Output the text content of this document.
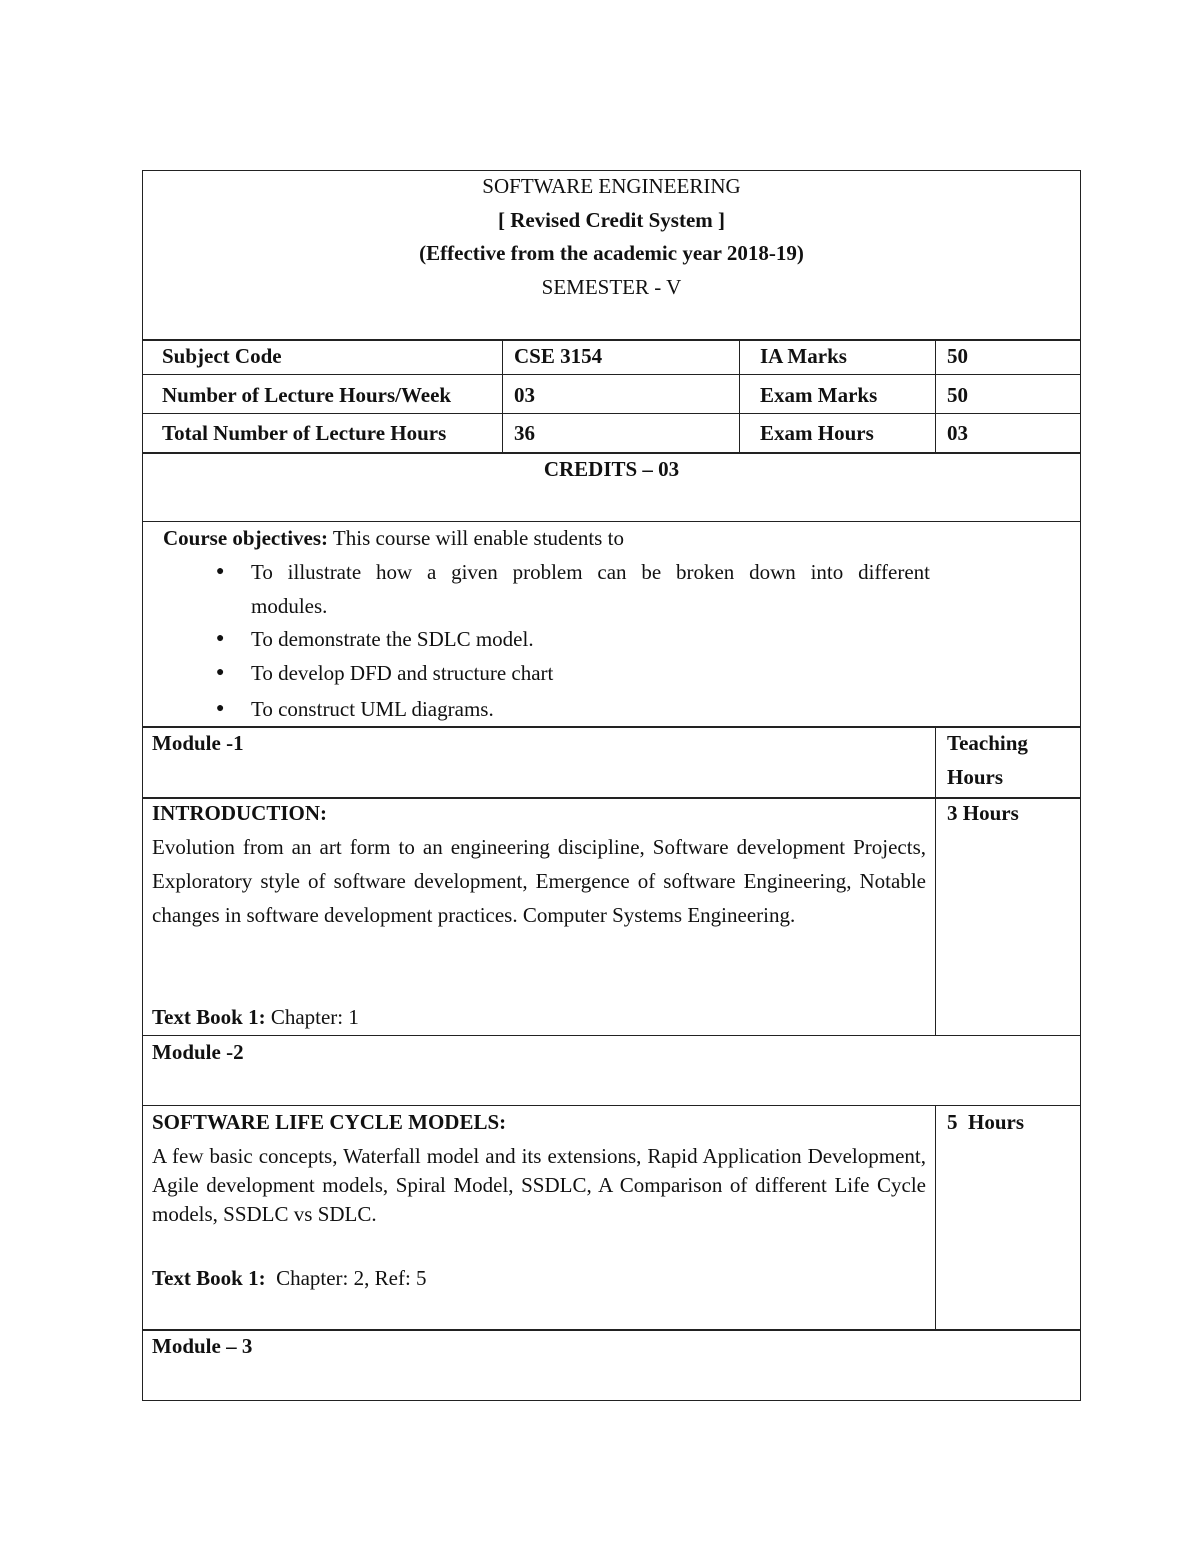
SOFTWARE ENGINEERING
[ Revised Credit System ]
(Effective from the academic year 2018-19)
SEMESTER - V
Subject Code	CSE 3154	IA Marks	50
Number of Lecture Hours/Week	03	Exam Marks	50
Total Number of Lecture Hours	36	Exam Hours	03
CREDITS – 03
Course objectives: This course will enable students to
● To illustrate how a given problem can be broken down into different
modules.
● To demonstrate the SDLC model.
● To develop DFD and structure chart
● To construct UML diagrams.
Module -1	Teaching
Hours
INTRODUCTION:	3 Hours
Evolution from an art form to an engineering discipline, Software development Projects, Exploratory style of software development, Emergence of software Engineering, Notable changes in software development practices. Computer Systems Engineering.
Text Book 1: Chapter: 1
Module -2
SOFTWARE LIFE CYCLE MODELS:	5  Hours
A few basic concepts, Waterfall model and its extensions, Rapid Application Development, Agile development models, Spiral Model, SSDLC, A Comparison of different Life Cycle models, SSDLC vs SDLC.
Text Book 1:  Chapter: 2, Ref: 5
Module – 3
